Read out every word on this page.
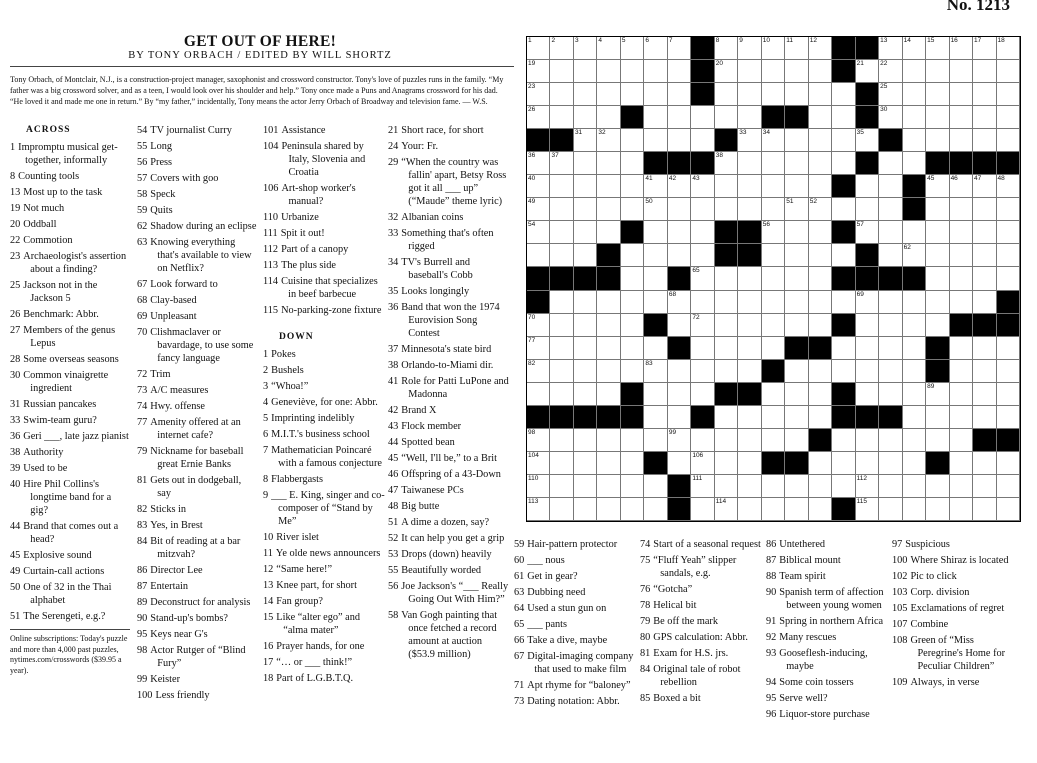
No. 1213
GET OUT OF HERE!
BY TONY ORBACH / EDITED BY WILL SHORTZ
Tony Orbach, of Montclair, N.J., is a construction-project manager, saxophonist and crossword constructor. Tony's love of puzzles runs in the family. “My father was a big crossword solver, and as a teen, I would look over his shoulder and help.” Tony once made a Puns and Anagrams crossword for his dad. “He loved it and made me one in return.” By “my father,” incidentally, Tony means the actor Jerry Orbach of Broadway and television fame. — W.S.
ACROSS
1 Impromptu musical get-together, informally
8 Counting tools
13 Most up to the task
19 Not much
20 Oddball
22 Commotion
23 Archaeologist's assertion about a finding?
25 Jackson not in the Jackson 5
26 Benchmark: Abbr.
27 Members of the genus Lepus
28 Some overseas seasons
30 Common vinaigrette ingredient
31 Russian pancakes
33 Swim-team guru?
36 Geri ___, late jazz pianist
38 Authority
39 Used to be
40 Hire Phil Collins's longtime band for a gig?
44 Brand that comes out a head?
45 Explosive sound
49 Curtain-call actions
50 One of 32 in the Thai alphabet
51 The Serengeti, e.g.?
Online subscriptions: Today's puzzle and more than 4,000 past puzzles, nytimes.com/crosswords ($39.95 a year).
54 TV journalist Curry
55 Long
56 Press
57 Covers with goo
58 Speck
59 Quits
62 Shadow during an eclipse
63 Knowing everything that's available to view on Netflix?
67 Look forward to
68 Clay-based
69 Unpleasant
70 Clishmaclaver or bavardage, to use some fancy language
72 Trim
73 A/C measures
74 Hwy. offense
77 Amenity offered at an internet cafe?
79 Nickname for baseball great Ernie Banks
81 Gets out in dodgeball, say
82 Sticks in
83 Yes, in Brest
84 Bit of reading at a bar mitzvah?
86 Director Lee
87 Entertain
89 Deconstruct for analysis
90 Stand-up's bombs?
95 Keys near G's
98 Actor Rutger of “Blind Fury”
99 Keister
100 Less friendly
101 Assistance
104 Peninsula shared by Italy, Slovenia and Croatia
106 Art-shop worker's manual?
110 Urbanize
111 Spit it out!
112 Part of a canopy
113 The plus side
114 Cuisine that specializes in beef barbecue
115 No-parking-zone fixture
DOWN
1 Pokes
2 Bushels
3 “Whoa!”
4 Geneviève, for one: Abbr.
5 Imprinting indelibly
6 M.I.T.'s business school
7 Mathematician Poincaré with a famous conjecture
8 Flabbergasts
9 ___ E. King, singer and co-composer of “Stand by Me”
10 River islet
11 Ye olde news announcers
12 “Same here!”
13 Knee part, for short
14 Fan group?
15 Like “alter ego” and “alma mater”
16 Prayer hands, for one
17 “… or ___ think!”
18 Part of L.G.B.T.Q.
21 Short race, for short
24 Your: Fr.
29 “When the country was fallin' apart, Betsy Ross got it all ___ up” (“Maude” theme lyric)
32 Albanian coins
33 Something that's often rigged
34 TV's Burrell and baseball's Cobb
35 Looks longingly
36 Band that won the 1974 Eurovision Song Contest
37 Minnesota's state bird
38 Orlando-to-Miami dir.
41 Role for Patti LuPone and Madonna
42 Brand X
43 Flock member
44 Spotted bean
45 “Well, I'll be,” to a Brit
46 Offspring of a 43-Down
47 Taiwanese PCs
48 Big butte
51 A dime a dozen, say?
52 It can help you get a grip
53 Drops (down) heavily
55 Beautifully worded
56 Joe Jackson's “___ Really Going Out With Him?”
58 Van Gogh painting that once fetched a record amount at auction ($53.9 million)
59 Hair-pattern protector
60 ___ nous
61 Get in gear?
63 Dubbing need
64 Used a stun gun on
65 ___ pants
66 Take a dive, maybe
67 Digital-imaging company that used to make film
71 Apt rhyme for “baloney”
73 Dating notation: Abbr.
74 Start of a seasonal request
75 “Fluff Yeah” slipper sandals, e.g.
76 “Gotcha”
78 Helical bit
79 Be off the mark
80 GPS calculation: Abbr.
81 Exam for H.S. jrs.
84 Original tale of robot rebellion
85 Boxed a bit
86 Untethered
87 Biblical mount
88 Team spirit
90 Spanish term of affection between young women
91 Spring in northern Africa
92 Many rescues
93 Gooseflesh-inducing, maybe
94 Some coin tossers
95 Serve well?
96 Liquor-store purchase
97 Suspicious
100 Where Shiraz is located
102 Pic to click
103 Corp. division
105 Exclamations of regret
107 Combine
108 Green of “Miss Peregrine's Home for Peculiar Children”
109 Always, in verse
1	2	3	4	5	6	7	8	9	10	11	12	13 14	15 16	17 18
19	20	21	22
23	25
26	30
31	32	33 34	35
36 37	38
40	41 42	43	45 46	47 48
49	50	51 52
54	56	57
62
65
68	69
70	72
77
82	83
89
98	99
104	106
110	111	112
113	114	115
